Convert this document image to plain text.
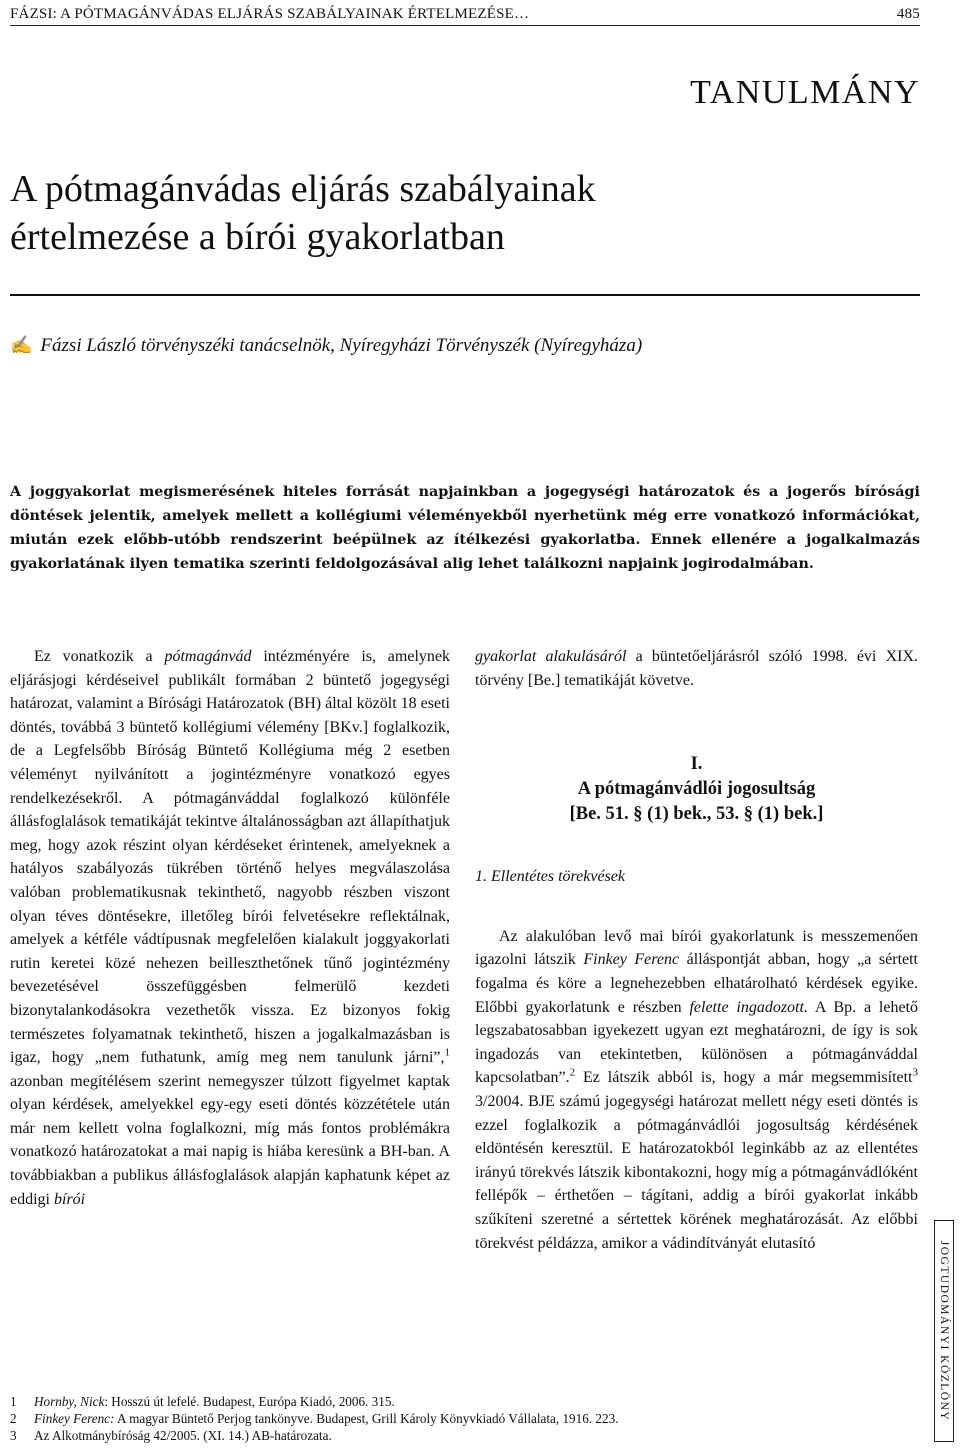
FÁZSI: A PÓTMAGÁNVÁDAS ELJÁRÁS SZABÁLYAINAK ÉRTELMEZÉSE…	485
TANULMÁNY
A pótmagánvádas eljárás szabályainak
értelmezése a bírói gyakorlatban
✍ Fázsi László törvényszéki tanácselnök, Nyíregyházi Törvényszék (Nyíregyháza)
A joggyakorlat megismerésének hiteles forrását napjainkban a jogegységi határozatok és a jogerős bírósági döntések jelentik, amelyek mellett a kollégiumi véleményekből nyerhetünk még erre vonatkozó információkat, miután ezek előbb-utóbb rendszerint beépülnek az ítélkezési gyakorlatba. Ennek ellenére a jogalkalmazás gyakorlatának ilyen tematika szerinti feldolgozásával alig lehet találkozni napjaink jogirodalmában.

Ez vonatkozik a pótmagánvád intézményére is, amelynek eljárásjogi kérdéseivel publikált formában 2 büntető jogegységi határozat, valamint a Bírósági Határozatok (BH) által közölt 18 eseti döntés, továbbá 3 büntető kollégiumi vélemény [BKv.] foglalkozik, de a Legfelsőbb Bíróság Büntető Kollégiuma még 2 esetben véleményt nyilvánított a jogintézményre vonatkozó egyes rendelkezésekről. A pótmagánváddal foglalkozó különféle állásfoglalások tematikáját tekintve általánosságban azt állapíthatjuk meg, hogy azok részint olyan kérdéseket érintenek, amelyeknek a hatályos szabályozás tükrében történő helyes megválaszolása valóban problematikusnak tekinthető, nagyobb részben viszont olyan téves döntésekre, illetőleg bírói felvetésekre reflektálnak, amelyek a kétféle vádtípusnak megfelelően kialakult joggyakorlati rutin keretei közé nehezen beilleszthetőnek tűnő jogintézmény bevezetésével összefüggésben felmerülő kezdeti bizonytalankodásokra vezethetők vissza. Ez bizonyos fokig természetes folyamatnak tekinthető, hiszen a jogalkalmazásban is igaz, hogy „nem futhatunk, amíg meg nem tanulunk járni”,$^1$ azonban megítélésem szerint nemegyszer túlzott figyelmet kaptak olyan kérdések, amelyekkel egy-egy eseti döntés közzététele után már nem kellett volna foglalkozni, míg más fontos problémákra vonatkozó határozatokat a mai napig is hiába keresünk a BH-ban. A továbbiakban a publikus állásfoglalások alapján kaphatunk képet az eddigi bírói

gyakorlat alakulásáról a büntetőeljárásról szóló 1998. évi XIX. törvény [Be.] tematikáját követve.

I.
A pótmagánvádlói jogosultság
[Be. 51. § (1) bek., 53. § (1) bek.]

1. Ellentétes törekvések

Az alakulóban levő mai bírói gyakorlatunk is messzemenően igazolni látszik Finkey Ferenc álláspontját abban, hogy „a sértett fogalma és köre a legnehezebben elhatárolható kérdések egyike. Előbbi gyakorlatunk e részben felette ingadozott. A Bp. a lehető legszabatosabban igyekezett ugyan ezt meghatározni, de így is sok ingadozás van etekintetben, különösen a pótmagánváddal kapcsolatban”.$^2$ Ez látszik abból is, hogy a már megsemmisített$^3$ 3/2004. BJE számú jogegységi határozat mellett négy eseti döntés is ezzel foglalkozik a pótmagánvádlói jogosultság kérdésének eldöntésén keresztül. E határozatokból leginkább az az ellentétes irányú törekvés látszik kibontakozni, hogy míg a pótmagánvádlóként fellépők – érthetően – tágítani, addig a bírói gyakorlat inkább szűkíteni szeretné a sértettek körének meghatározását. Az előbbi törekvést példázza, amikor a vádindítványát elutasító

1	Hornby, Nick: Hosszú út lefelé. Budapest, Európa Kiadó, 2006. 315.
2	Finkey Ferenc: A magyar Büntető Perjog tankönyve. Budapest, Grill Károly Könyvkiadó Vállalata, 1916. 223.
3	Az Alkotmánybíróság 42/2005. (XI. 14.) AB-határozata.
JOGTUDOMÁNYI KÖZLÖNY
